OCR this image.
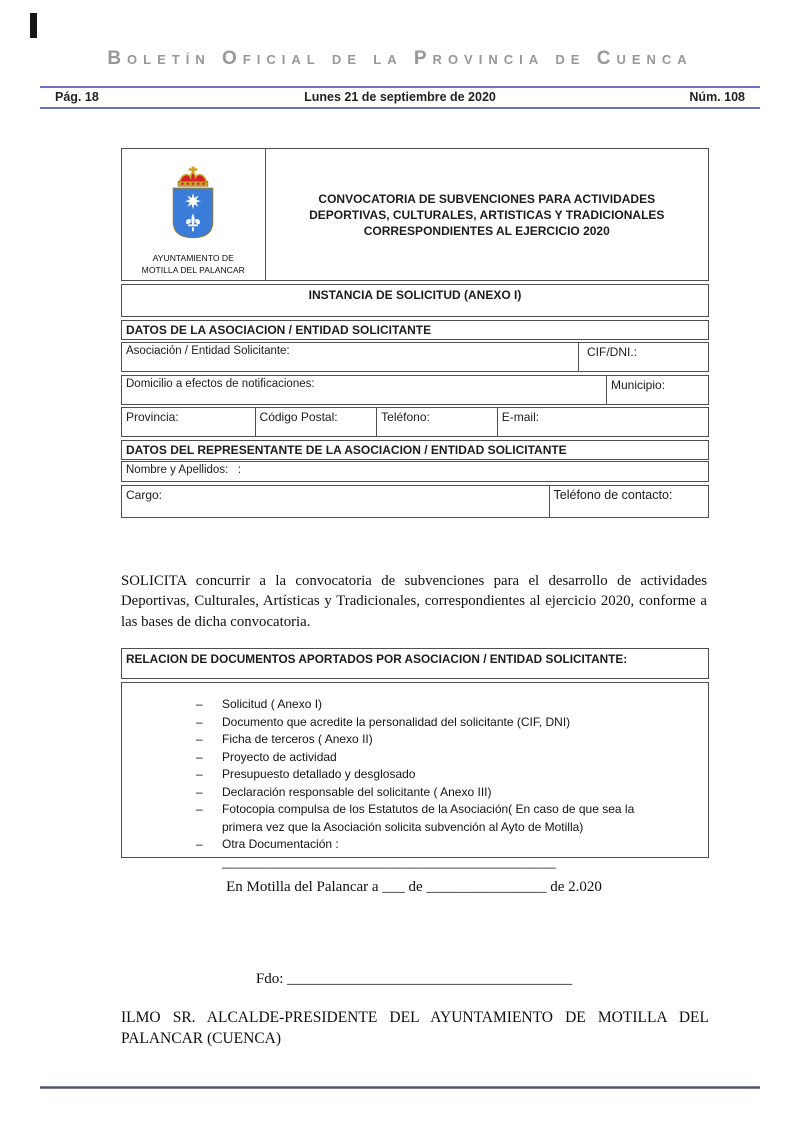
Boletín Oficial de la Provincia de Cuenca
Pág. 18	Lunes 21 de septiembre de 2020	Núm. 108
AYUNTAMIENTO DE
MOTILLA DEL PALANCAR
CONVOCATORIA DE SUBVENCIONES PARA ACTIVIDADES DEPORTIVAS, CULTURALES, ARTISTICAS Y TRADICIONALES CORRESPONDIENTES AL EJERCICIO 2020
INSTANCIA DE SOLICITUD (ANEXO I)
DATOS DE LA ASOCIACION / ENTIDAD SOLICITANTE
Asociación / Entidad Solicitante:	CIF/DNI.:
Domicilio a efectos de notificaciones:	Municipio:
Provincia:	Código Postal:	Teléfono:	E-mail:
DATOS DEL REPRESENTANTE DE LA ASOCIACION / ENTIDAD SOLICITANTE
Nombre y Apellidos:   :
Cargo:	Teléfono de contacto:

SOLICITA concurrir a la convocatoria de subvenciones para el desarrollo de actividades Deportivas, Culturales, Artísticas y Tradicionales, correspondientes al ejercicio 2020, conforme a las bases de dicha convocatoria.

RELACION DE DOCUMENTOS APORTADOS POR ASOCIACION / ENTIDAD SOLICITANTE:
–	Solicitud ( Anexo I)
–	Documento que acredite la personalidad del solicitante (CIF, DNI)
–	Ficha de terceros ( Anexo II)
–	Proyecto de actividad
–	Presupuesto detallado y desglosado
–	Declaración responsable del solicitante ( Anexo III)
–	Fotocopia compulsa de los Estatutos de la Asociación( En caso de que sea la primera vez que la Asociación solicita subvención al Ayto de Motilla)
–	Otra Documentación : __________________________________________________
En Motilla del Palancar a ___ de ________________ de 2.020
Fdo: ______________________________________
ILMO SR. ALCALDE-PRESIDENTE DEL AYUNTAMIENTO DE MOTILLA DEL
PALANCAR (CUENCA)
